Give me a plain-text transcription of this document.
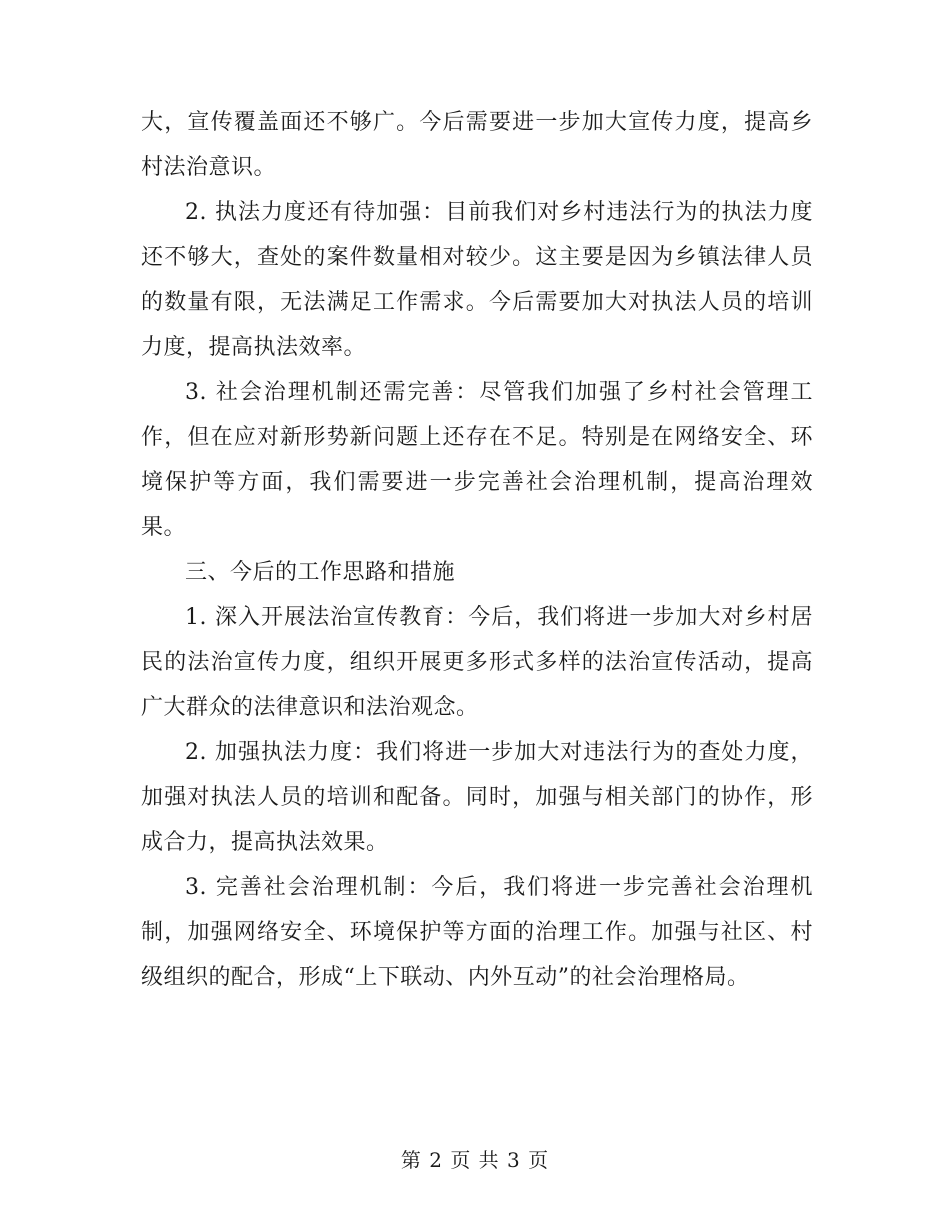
大，宣传覆盖面还不够广。今后需要进一步加大宣传力度，提高乡村法治意识。

2. 执法力度还有待加强：目前我们对乡村违法行为的执法力度还不够大，查处的案件数量相对较少。这主要是因为乡镇法律人员的数量有限，无法满足工作需求。今后需要加大对执法人员的培训力度，提高执法效率。

3. 社会治理机制还需完善：尽管我们加强了乡村社会管理工作，但在应对新形势新问题上还存在不足。特别是在网络安全、环境保护等方面，我们需要进一步完善社会治理机制，提高治理效果。

三、今后的工作思路和措施

1. 深入开展法治宣传教育：今后，我们将进一步加大对乡村居民的法治宣传力度，组织开展更多形式多样的法治宣传活动，提高广大群众的法律意识和法治观念。

2. 加强执法力度：我们将进一步加大对违法行为的查处力度，加强对执法人员的培训和配备。同时，加强与相关部门的协作，形成合力，提高执法效果。

3. 完善社会治理机制：今后，我们将进一步完善社会治理机制，加强网络安全、环境保护等方面的治理工作。加强与社区、村级组织的配合，形成“上下联动、内外互动”的社会治理格局。

第 2 页 共 3 页
